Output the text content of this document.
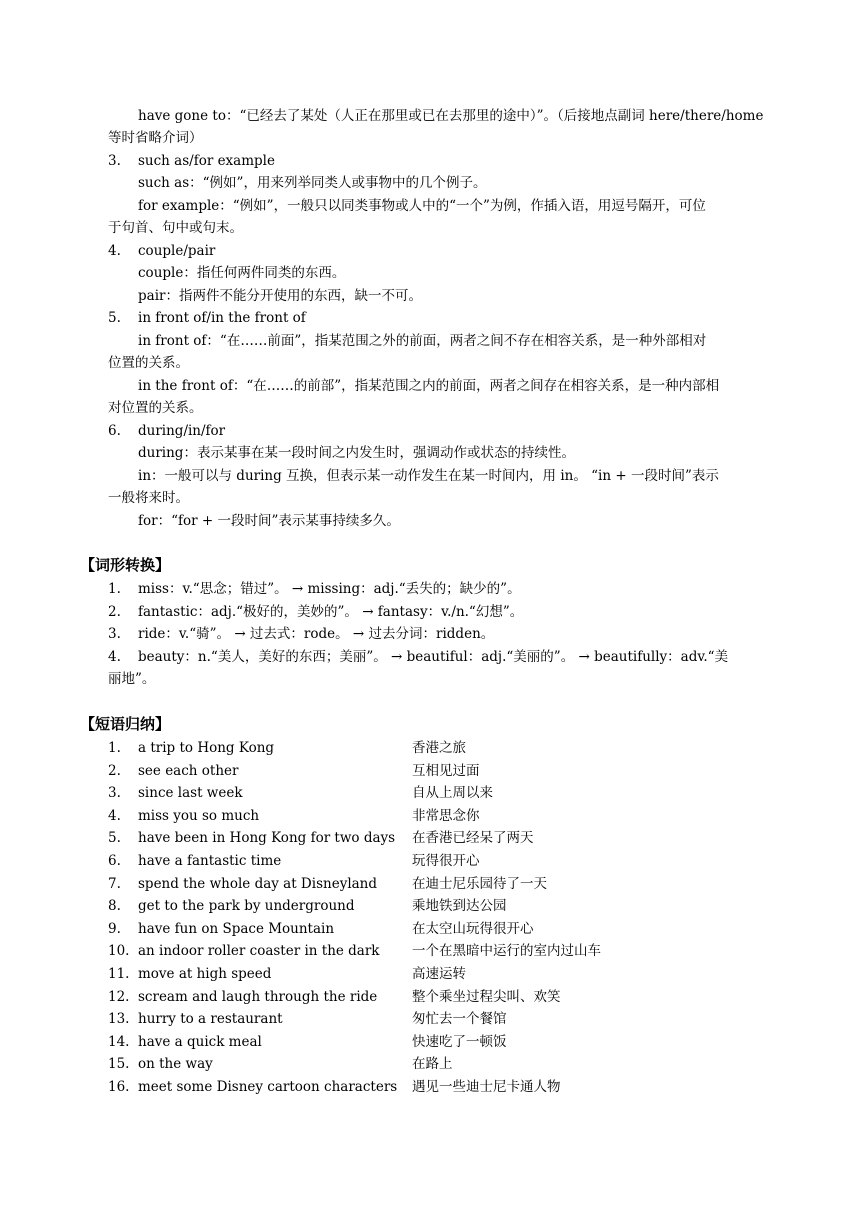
have gone to：“已经去了某处（人正在那里或已在去那里的途中）”。（后接地点副词 here/there/home
等时省略介词）
3. such as/for example
such as：“例如”，用来列举同类人或事物中的几个例子。
for example：“例如”，一般只以同类事物或人中的“一个”为例，作插入语，用逗号隔开，可位
于句首、句中或句末。
4. couple/pair
couple：指任何两件同类的东西。
pair：指两件不能分开使用的东西，缺一不可。
5. in front of/in the front of
in front of：“在……前面”，指某范围之外的前面，两者之间不存在相容关系，是一种外部相对
位置的关系。
in the front of：“在……的前部”，指某范围之内的前面，两者之间存在相容关系，是一种内部相
对位置的关系。
6. during/in/for
during：表示某事在某一段时间之内发生时，强调动作或状态的持续性。
in：一般可以与 during 互换，但表示某一动作发生在某一时间内，用 in。 “in + 一段时间”表示
一般将来时。
for：“for + 一段时间”表示某事持续多久。
【词形转换】
1. miss：v.“思念；错过”。 → missing：adj.“丢失的；缺少的”。
2. fantastic：adj.“极好的，美妙的”。 → fantasy：v./n.“幻想”。
3. ride：v.“骑”。 → 过去式：rode。 → 过去分词：ridden。
4. beauty：n.“美人，美好的东西；美丽”。 → beautiful：adj.“美丽的”。 → beautifully：adv.“美
丽地”。
【短语归纳】
1. a trip to Hong Kong	香港之旅
2. see each other	互相见过面
3. since last week	自从上周以来
4. miss you so much	非常思念你
5. have been in Hong Kong for two days 在香港已经呆了两天
6. have a fantastic time	玩得很开心
7. spend the whole day at Disneyland	在迪士尼乐园待了一天
8. get to the park by underground	乘地铁到达公园
9. have fun on Space Mountain	在太空山玩得很开心
10. an indoor roller coaster in the dark 一个在黑暗中运行的室内过山车
11. move at high speed	高速运转
12. scream and laugh through the ride	整个乘坐过程尖叫、欢笑
13. hurry to a restaurant	匆忙去一个餐馆
14. have a quick meal	快速吃了一顿饭
15. on the way	在路上
16. meet some Disney cartoon characters 遇见一些迪士尼卡通人物
